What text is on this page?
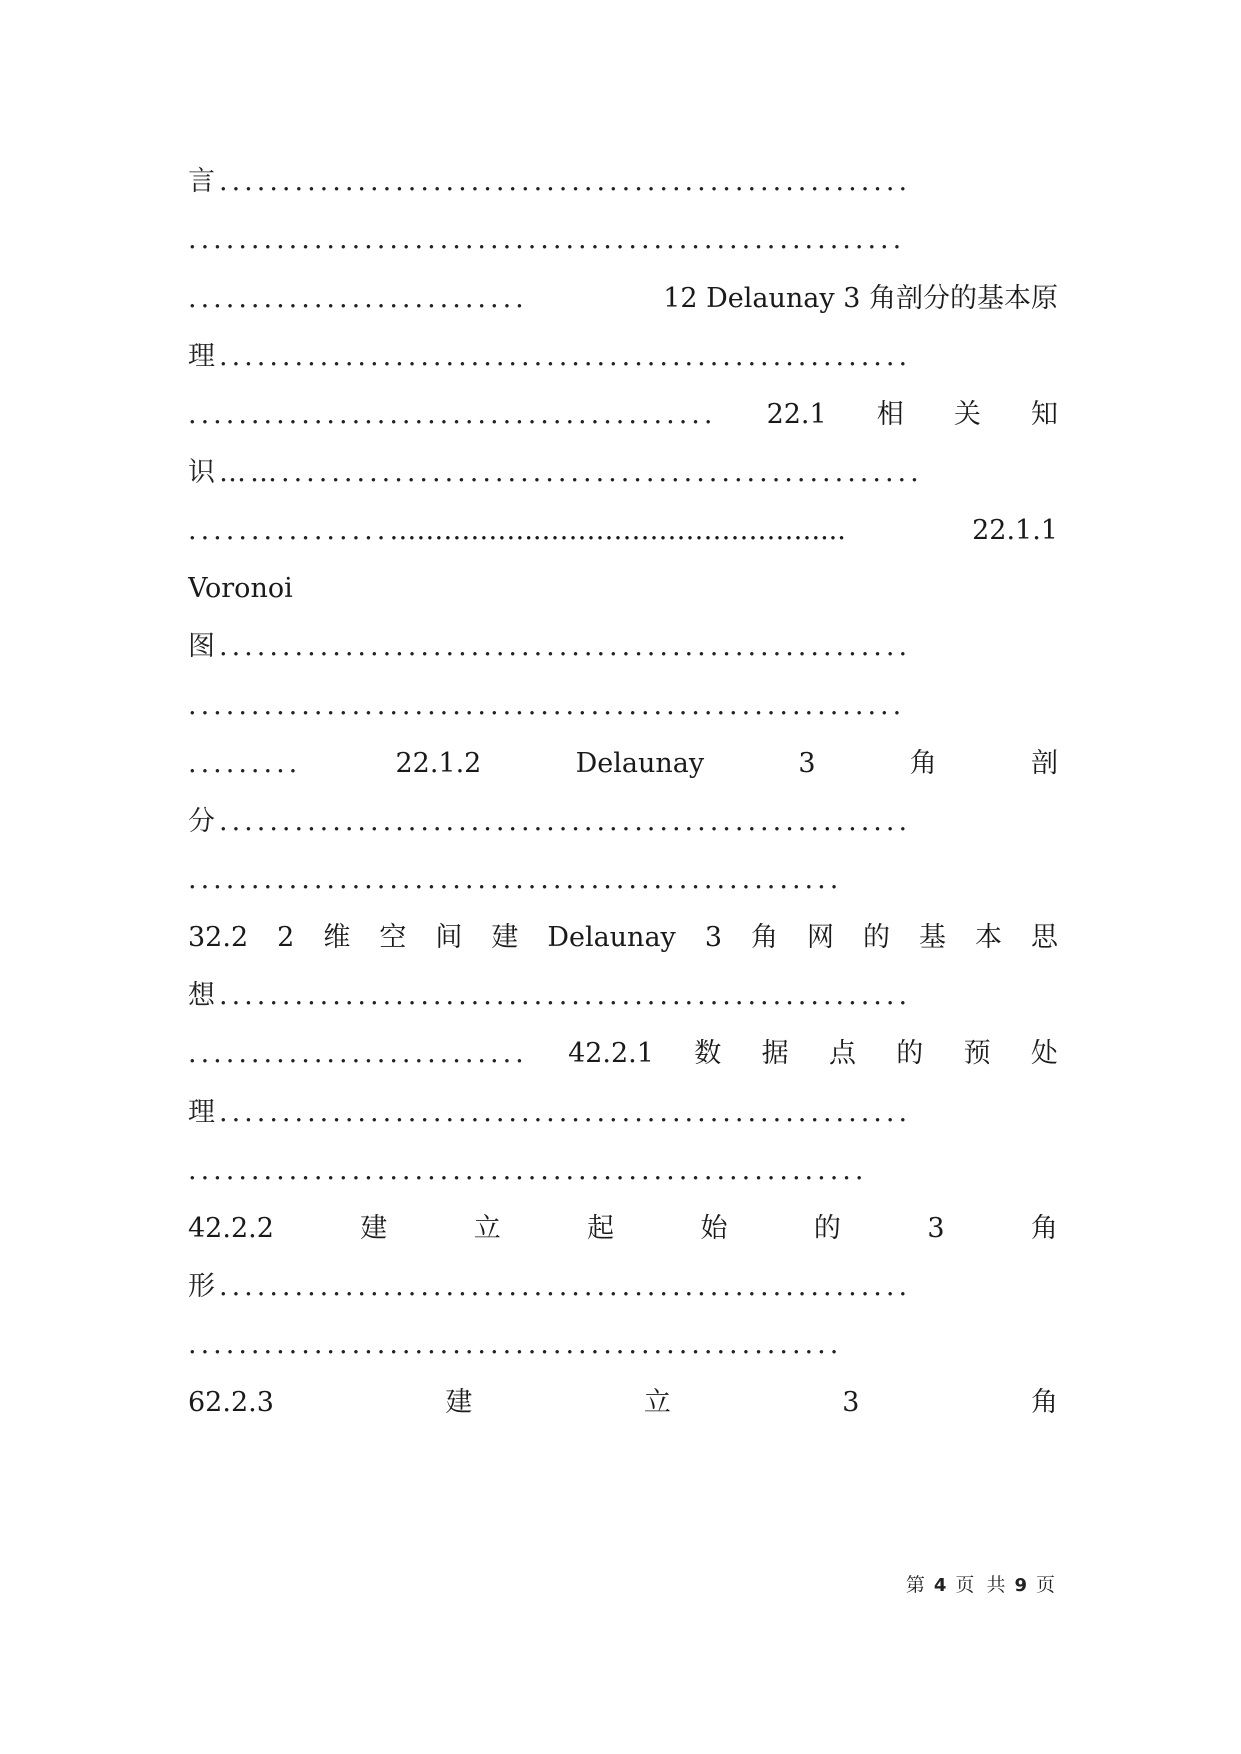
言.......................................................
.........................................................
...........................	12 Delaunay 3 角剖分的基本原
理.......................................................
.......................................... 22.1 相 关 知
识……...................................................
................……………..…………………………....	22.1.1
Voronoi
图.......................................................
.........................................................
.........	22.1.2	Delaunay	3	角	剖
分.......................................................
....................................................
32.2 2 维 空 间 建 Delaunay 3 角 网 的 基 本 思
想.......................................................
........................... 42.2.1 数 据 点 的 预 处
理.......................................................
......................................................
42.2.2	建	立	起	始	的	3	角
形.......................................................
....................................................
62.2.3	建	立	3	角
第 4 页 共 9 页
